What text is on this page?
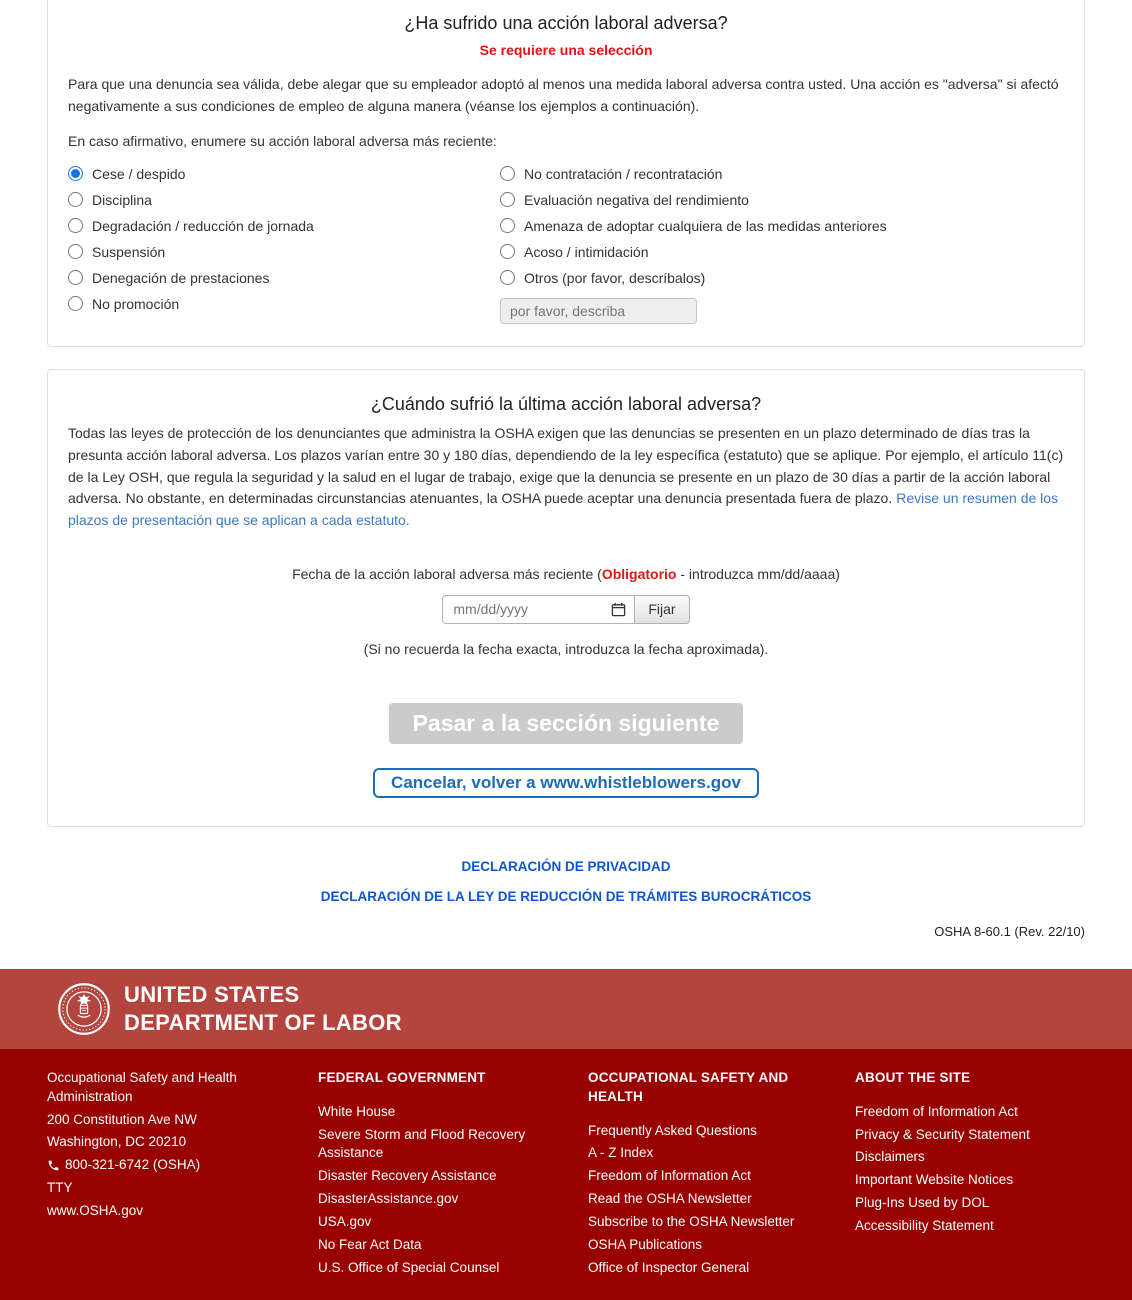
¿Ha sufrido una acción laboral adversa?
Se requiere una selección

Para que una denuncia sea válida, debe alegar que su empleador adoptó al menos una medida laboral adversa contra usted. Una acción es "adversa" si afectó negativamente a sus condiciones de empleo de alguna manera (véanse los ejemplos a continuación).

En caso afirmativo, enumere su acción laboral adversa más reciente:

Cese / despido
Disciplina
Degradación / reducción de jornada
Suspensión
Denegación de prestaciones
No promoción
No contratación / recontratación
Evaluación negativa del rendimiento
Amenaza de adoptar cualquiera de las medidas anteriores
Acoso / intimidación
Otros (por favor, descríbalos)
por favor, describa
¿Cuándo sufrió la última acción laboral adversa?

Todas las leyes de protección de los denunciantes que administra la OSHA exigen que las denuncias se presenten en un plazo determinado de días tras la presunta acción laboral adversa. Los plazos varían entre 30 y 180 días, dependiendo de la ley específica (estatuto) que se aplique. Por ejemplo, el artículo 11(c) de la Ley OSH, que regula la seguridad y la salud en el lugar de trabajo, exige que la denuncia se presente en un plazo de 30 días a partir de la acción laboral adversa. No obstante, en determinadas circunstancias atenuantes, la OSHA puede aceptar una denuncia presentada fuera de plazo. Revise un resumen de los plazos de presentación que se aplican a cada estatuto.

Fecha de la acción laboral adversa más reciente (Obligatorio - introduzca mm/dd/aaaa)
mm/dd/yyyy
Fijar
(Si no recuerda la fecha exacta, introduzca la fecha aproximada).
Pasar a la sección siguiente
Cancelar, volver a www.whistleblowers.gov
DECLARACIÓN DE PRIVACIDAD
DECLARACIÓN DE LA LEY DE REDUCCIÓN DE TRÁMITES BUROCRÁTICOS
OSHA 8-60.1 (Rev. 22/10)
UNITED STATES
DEPARTMENT OF LABOR
Occupational Safety and Health Administration
200 Constitution Ave NW
Washington, DC 20210
800-321-6742 (OSHA)
TTY
www.OSHA.gov

FEDERAL GOVERNMENT

White House
Severe Storm and Flood Recovery Assistance
Disaster Recovery Assistance
DisasterAssistance.gov
USA.gov
No Fear Act Data
U.S. Office of Special Counsel

OCCUPATIONAL SAFETY AND HEALTH

Frequently Asked Questions
A - Z Index
Freedom of Information Act
Read the OSHA Newsletter
Subscribe to the OSHA Newsletter
OSHA Publications
Office of Inspector General

ABOUT THE SITE

Freedom of Information Act
Privacy & Security Statement
Disclaimers
Important Website Notices
Plug-Ins Used by DOL
Accessibility Statement
